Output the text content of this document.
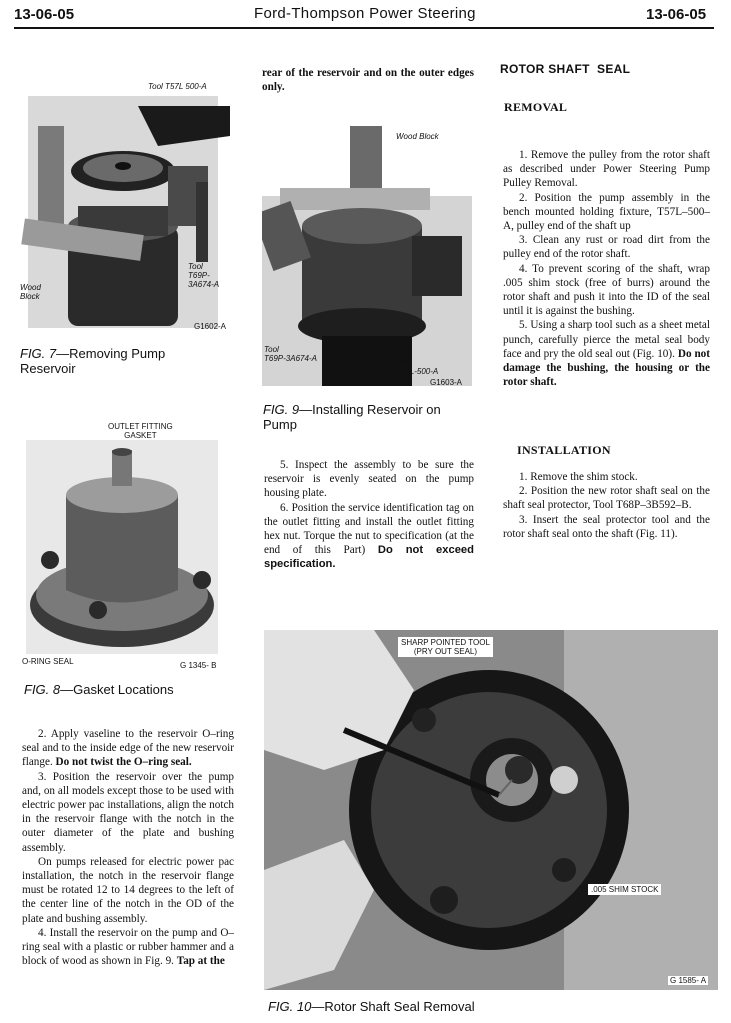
13-06-05	Ford-Thompson Power Steering	13-06-05
Tool T57L 500-A
Wood
Block
Tool
T69P-
3A674-A
G1602-A
FIG. 7—Removing Pump Reservoir
OUTLET FITTING
GASKET
O-RING SEAL	G 1345- B
FIG. 8—Gasket Locations
Wood Block
Tool
T69P-3A674-A	Tool
T57L-500-A
G1603-A
FIG. 9—Installing Reservoir on Pump
SHARP POINTED TOOL
(PRY OUT SEAL)
.005 SHIM STOCK
G 1585- A
FIG. 10—Rotor Shaft Seal Removal

rear of the reservoir and on the outer edges only.

2. Apply vaseline to the reservoir O–ring seal and to the inside edge of the new reservoir flange. Do not twist the O–ring seal.

3. Position the reservoir over the pump and, on all models except those to be used with electric power pac installations, align the notch in the reservoir flange with the notch in the outer diameter of the plate and bushing assembly.

On pumps released for electric power pac installation, the notch in the reservoir flange must be rotated 12 to 14 degrees to the left of the center line of the notch in the OD of the plate and bushing assembly.

4. Install the reservoir on the pump and O–ring seal with a plastic or rubber hammer and a block of wood as shown in Fig. 9. Tap at the

5. Inspect the assembly to be sure the reservoir is evenly seated on the pump housing plate.

6. Position the service identification tag on the outlet fitting and install the outlet fitting hex nut. Torque the nut to specification (at the end of this Part) Do not exceed specification.

ROTOR SHAFT  SEAL
REMOVAL

1. Remove the pulley from the rotor shaft as described under Power Steering Pump Pulley Removal.

2. Position the pump assembly in the bench mounted holding fixture, T57L–500–A, pulley end of the shaft up

3. Clean any rust or road dirt from the pulley end of the rotor shaft.

4. To prevent scoring of the shaft, wrap .005 shim stock (free of burrs) around the rotor shaft and push it into the ID of the seal until it is against the bushing.

5. Using a sharp tool such as a sheet metal punch, carefully pierce the metal seal body face and pry the old seal out (Fig. 10). Do not damage the bushing, the housing or the rotor shaft.

INSTALLATION

1. Remove the shim stock.

2. Position the new rotor shaft seal on the shaft seal protector, Tool T68P–3B592–B.

3. Insert the seal protector tool and the rotor shaft seal onto the shaft (Fig. 11).
